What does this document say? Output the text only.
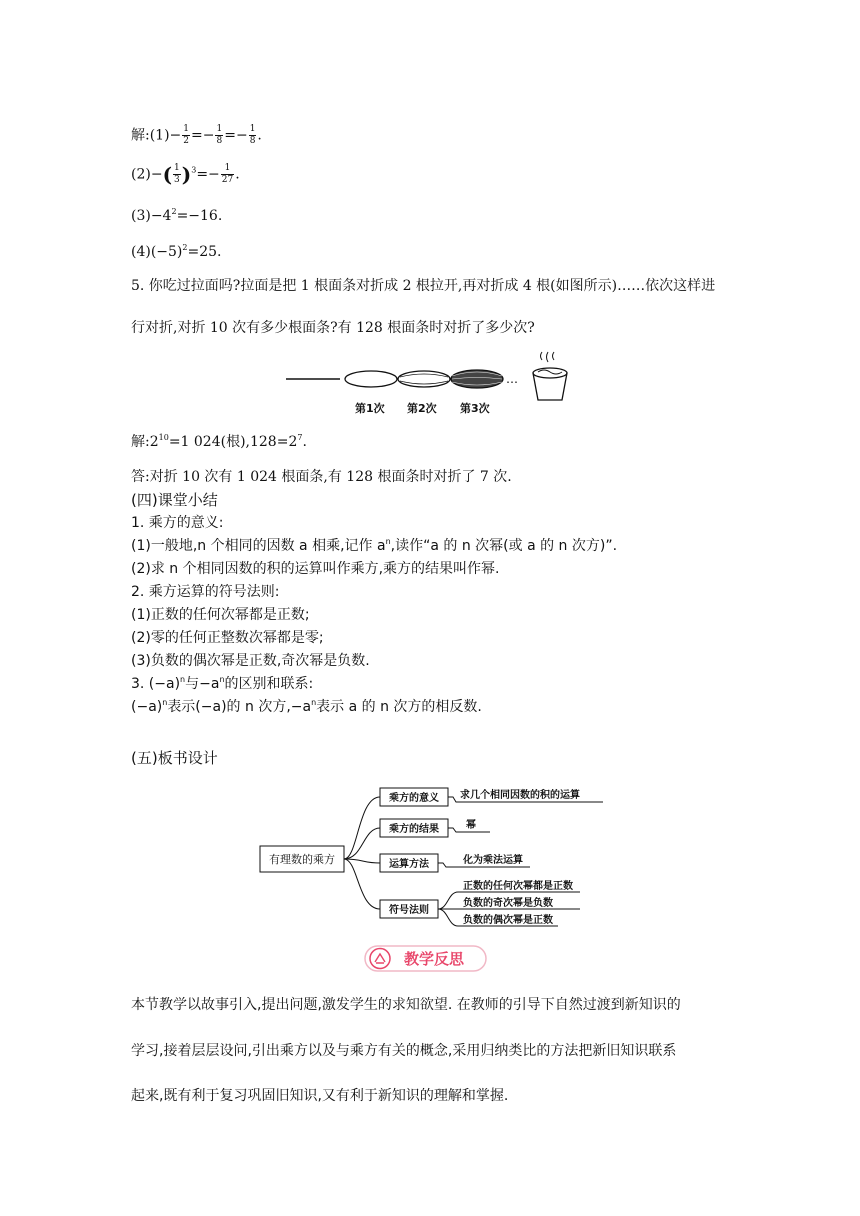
解:(1)− $\frac{1}{2} =- \frac{1}{8} =- \frac{1}{8}$ .
$(2)-( \frac{1}{3} )^3=- \frac{1}{27}$ .
$(3)-4^2=-16$.
$(4)(-5)^2=25$.
5. 你吃过拉面吗?拉面是把 1 根面条对折成 2 根拉开,再对折成 4 根(如图所示)……依次这样进
行对折,对折 10 次有多少根面条?有 128 根面条时对折了多少次?
…
第1次 第2次 第3次
解$:2^{10}=1$ 024(根)$,128=2^7$.
答:对折 10 次有 1 024 根面条,有 128 根面条时对折了 7 次.
(四)课堂小结
1. 乘方的意义:
(1)一般地,n 个相同的因数 a 相乘,记作 $a^n$,读作“a 的 n 次幂(或 a 的 n 次方)”.
(2)求 n 个相同因数的积的运算叫作乘方,乘方的结果叫作幂.
2. 乘方运算的符号法则:
(1)正数的任何次幂都是正数;
(2)零的任何正整数次幂都是零;
(3)负数的偶次幂是正数,奇次幂是负数.
3. $(-a)^n$与$-a^n$的区别和联系:
$(-a)^n$表示(−a)的 n 次方$,-a^n$表示 a 的 n 次方的相反数.
(五)板书设计
有理数的乘方
乘方的意义
乘方的结果
运算方法
符号法则
求几个相同因数的积的运算
幂
化为乘法运算
正数的任何次幂都是正数
负数的奇次幂是负数
负数的偶次幂是正数
教学反思
本节教学以故事引入,提出问题,激发学生的求知欲望. 在教师的引导下自然过渡到新知识的
学习,接着层层设问,引出乘方以及与乘方有关的概念,采用归纳类比的方法把新旧知识联系
起来,既有利于复习巩固旧知识,又有利于新知识的理解和掌握.
